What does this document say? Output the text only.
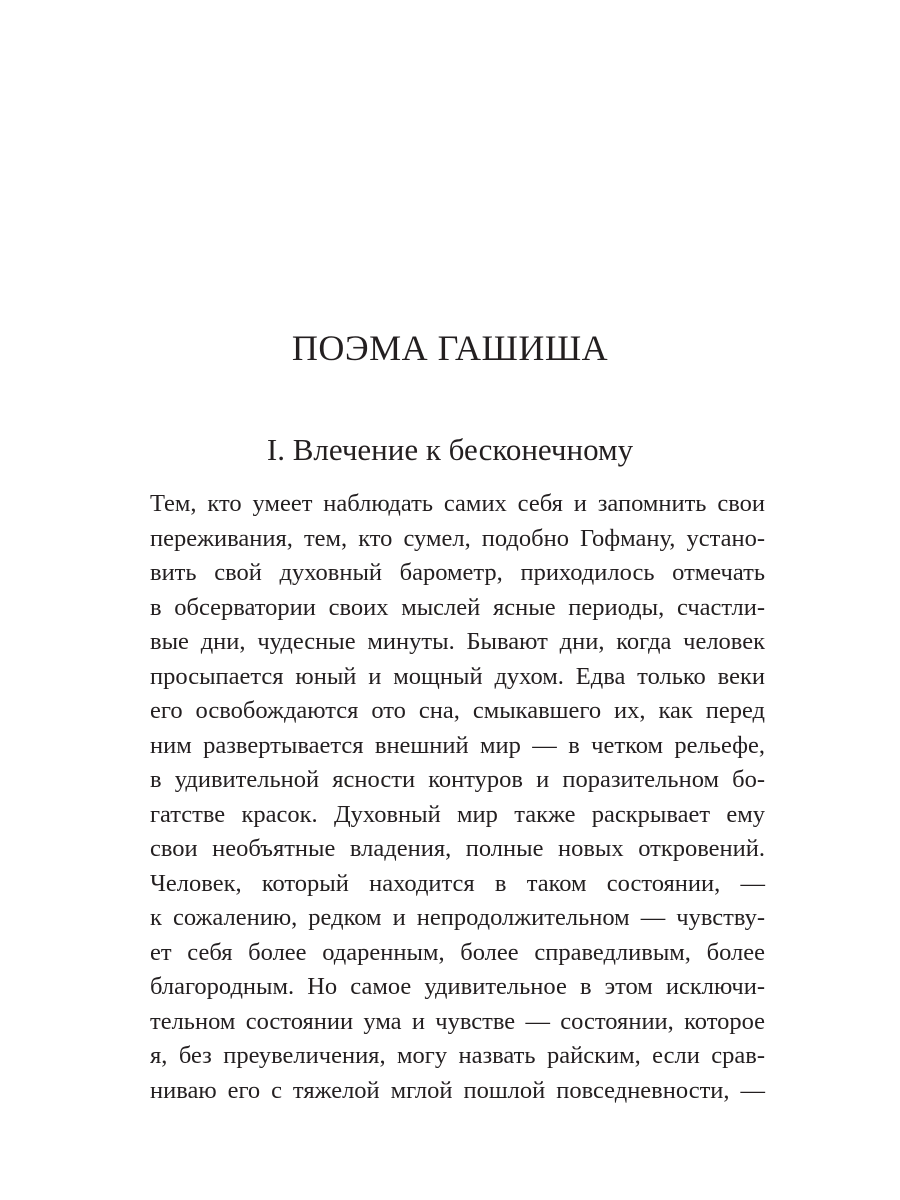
ПОЭМА ГАШИША
I. Влечение к бесконечному
Тем, кто умеет наблюдать самих себя и запомнить свои
переживания, тем, кто сумел, подобно Гофману, устано-
вить свой духовный барометр, приходилось отмечать
в обсерватории своих мыслей ясные периоды, счастли-
вые дни, чудесные минуты. Бывают дни, когда человек
просыпается юный и мощный духом. Едва только веки
его освобождаются ото сна, смыкавшего их, как перед
ним развертывается внешний мир — в четком рельефе,
в удивительной ясности контуров и поразительном бо-
гатстве красок. Духовный мир также раскрывает ему
свои необъятные владения, полные новых откровений.
Человек, который находится в таком состоянии, —
к сожалению, редком и непродолжительном — чувству-
ет себя более одаренным, более справедливым, более
благородным. Но самое удивительное в этом исключи-
тельном состоянии ума и чувстве — состоянии, которое
я, без преувеличения, могу назвать райским, если срав-
ниваю его с тяжелой мглой пошлой повседневности, —
